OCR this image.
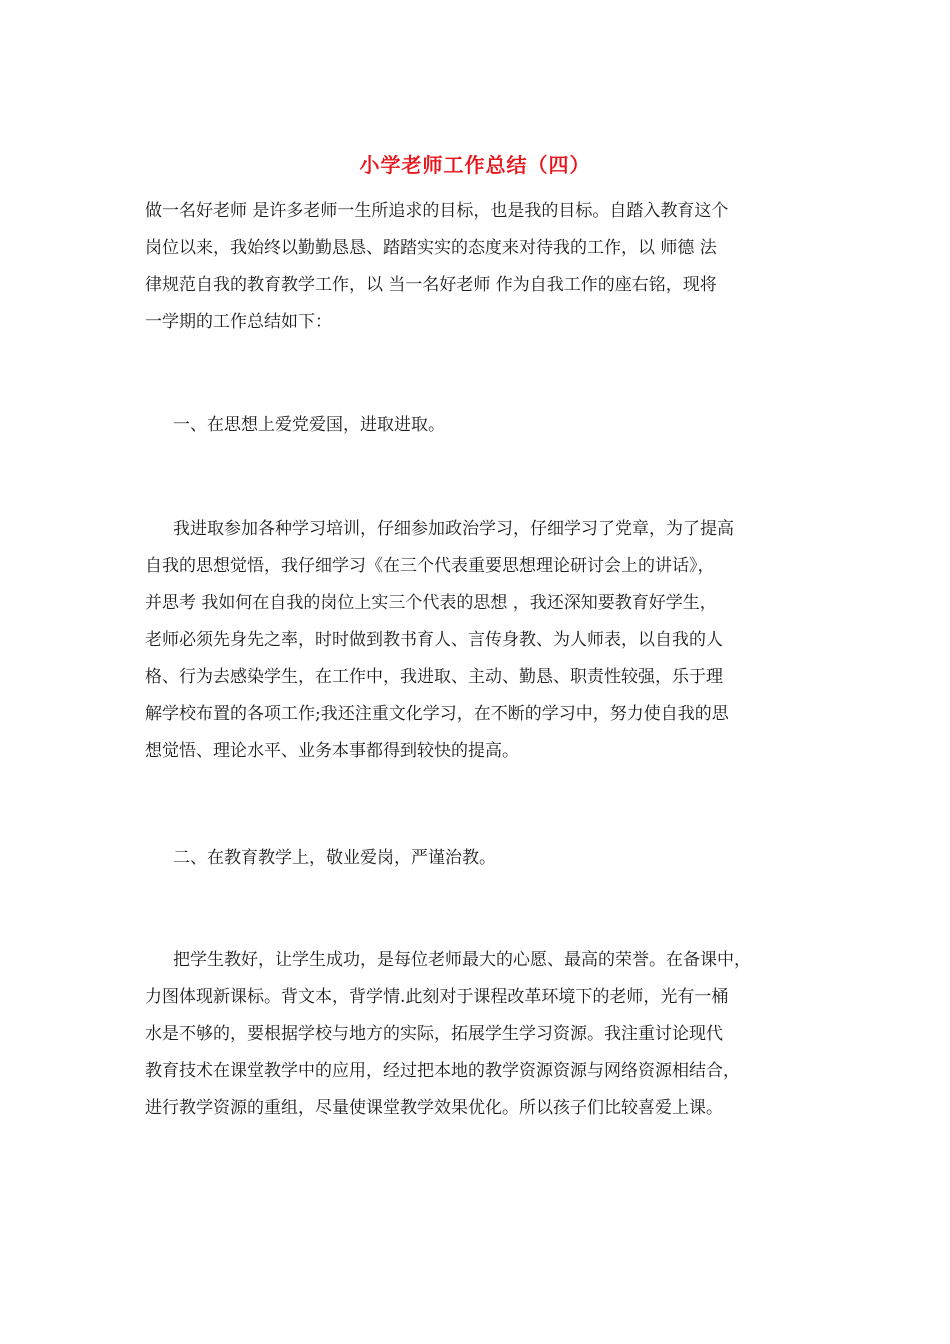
小学老师工作总结（四）
做一名好老师 是许多老师一生所追求的目标，也是我的目标。自踏入教育这个
岗位以来，我始终以勤勤恳恳、踏踏实实的态度来对待我的工作，以 师德 法
律规范自我的教育教学工作，以 当一名好老师 作为自我工作的座右铭，现将
一学期的工作总结如下：
一、在思想上爱党爱国，进取进取。
我进取参加各种学习培训，仔细参加政治学习，仔细学习了党章，为了提高
自我的思想觉悟，我仔细学习《在三个代表重要思想理论研讨会上的讲话》，
并思考 我如何在自我的岗位上实三个代表的思想 ，我还深知要教育好学生，
老师必须先身先之率，时时做到教书育人、言传身教、为人师表，以自我的人
格、行为去感染学生，在工作中，我进取、主动、勤恳、职责性较强，乐于理
解学校布置的各项工作;我还注重文化学习，在不断的学习中，努力使自我的思
想觉悟、理论水平、业务本事都得到较快的提高。
二、在教育教学上，敬业爱岗，严谨治教。
把学生教好，让学生成功，是每位老师最大的心愿、最高的荣誉。在备课中，
力图体现新课标。背文本，背学情.此刻对于课程改革环境下的老师，光有一桶
水是不够的，要根据学校与地方的实际，拓展学生学习资源。我注重讨论现代
教育技术在课堂教学中的应用，经过把本地的教学资源资源与网络资源相结合，
进行教学资源的重组，尽量使课堂教学效果优化。所以孩子们比较喜爱上课。
